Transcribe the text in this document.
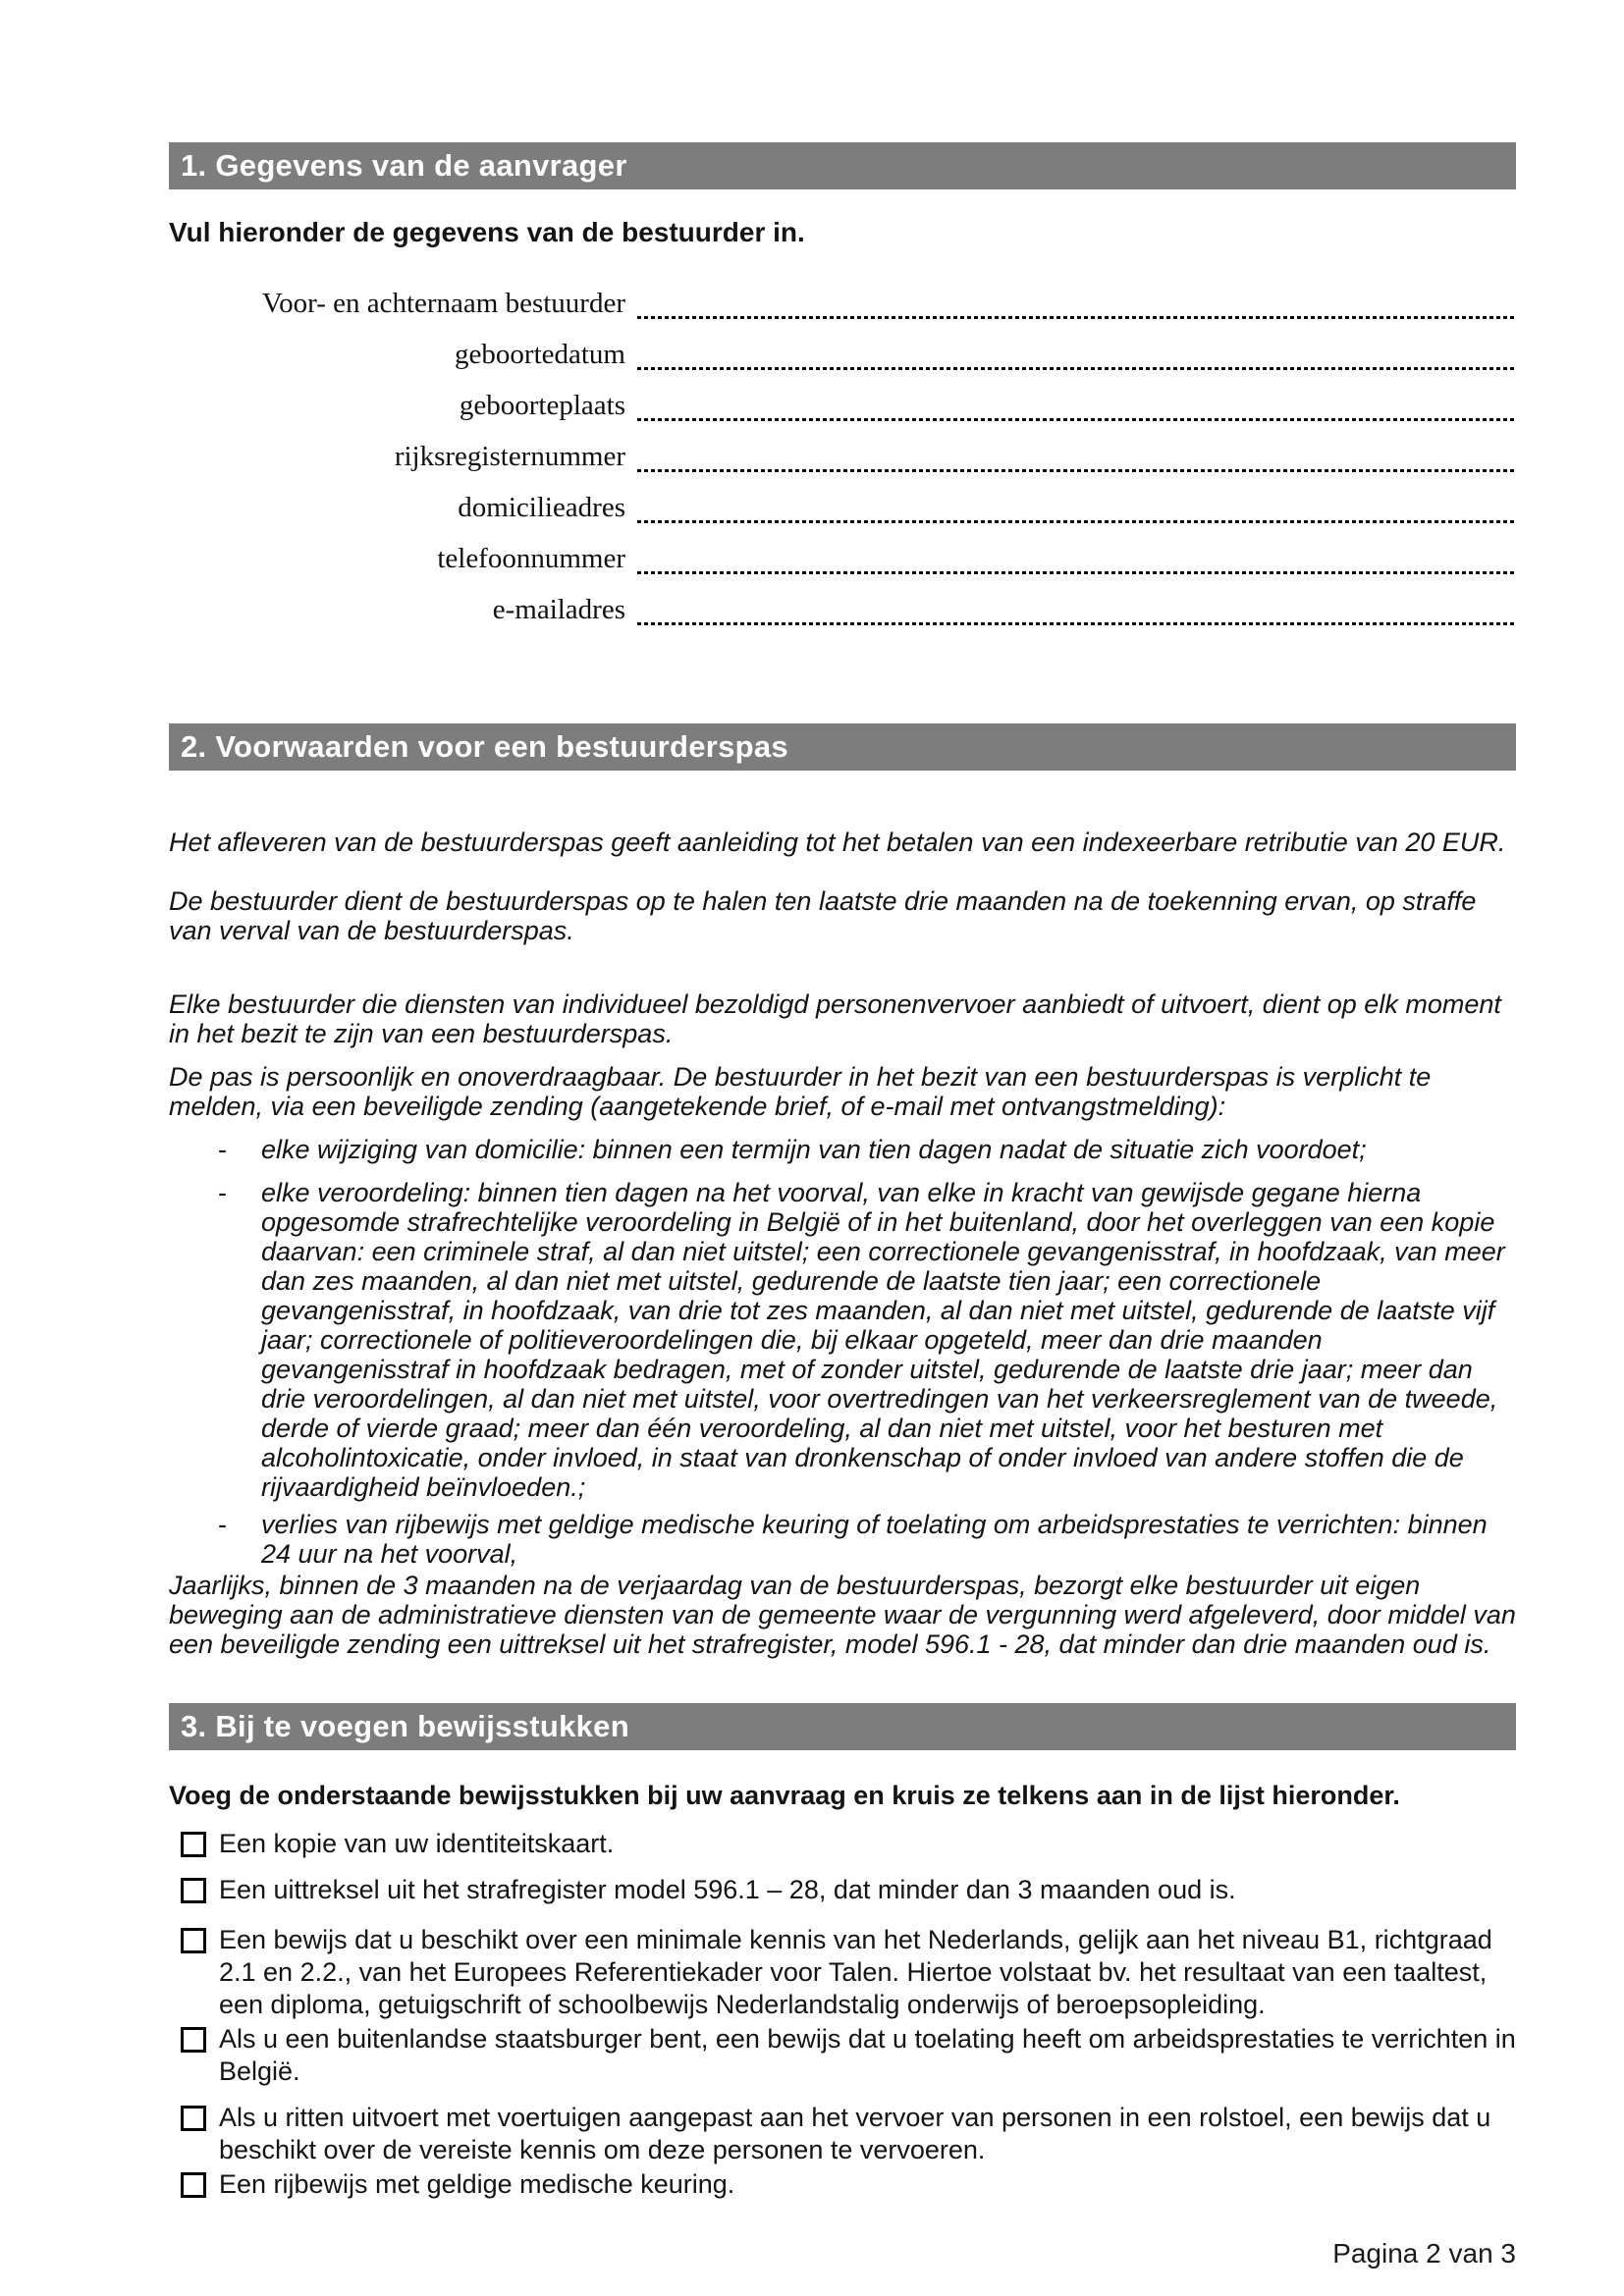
1. Gegevens van de aanvrager
Vul hieronder de gegevens van de bestuurder in.
Voor- en achternaam bestuurder
geboortedatum
geboorteplaats
rijksregisternummer
domicilieadres
telefoonnummer
e-mailadres
2. Voorwaarden voor een bestuurderspas
Het afleveren van de bestuurderspas geeft aanleiding tot het betalen van een indexeerbare retributie van 20 EUR.
De bestuurder dient de bestuurderspas op te halen ten laatste drie maanden na de toekenning ervan, op straffe van verval van de bestuurderspas.
Elke bestuurder die diensten van individueel bezoldigd personenvervoer aanbiedt of uitvoert, dient op elk moment in het bezit te zijn van een bestuurderspas.
De pas is persoonlijk en onoverdraagbaar. De bestuurder in het bezit van een bestuurderspas is verplicht te melden, via een beveiligde zending (aangetekende brief, of e-mail met ontvangstmelding):
- elke wijziging van domicilie: binnen een termijn van tien dagen nadat de situatie zich voordoet;
- elke veroordeling: binnen tien dagen na het voorval, van elke in kracht van gewijsde gegane hierna opgesomde strafrechtelijke veroordeling in België of in het buitenland, door het overleggen van een kopie daarvan: een criminele straf, al dan niet uitstel; een correctionele gevangenisstraf, in hoofdzaak, van meer dan zes maanden, al dan niet met uitstel, gedurende de laatste tien jaar; een correctionele gevangenisstraf, in hoofdzaak, van drie tot zes maanden, al dan niet met uitstel, gedurende de laatste vijf jaar; correctionele of politieveroordelingen die, bij elkaar opgeteld, meer dan drie maanden gevangenisstraf in hoofdzaak bedragen, met of zonder uitstel, gedurende de laatste drie jaar; meer dan drie veroordelingen, al dan niet met uitstel, voor overtredingen van het verkeersreglement van de tweede, derde of vierde graad; meer dan één veroordeling, al dan niet met uitstel, voor het besturen met alcoholintoxicatie, onder invloed, in staat van dronkenschap of onder invloed van andere stoffen die de rijvaardigheid beïnvloeden.;
- verlies van rijbewijs met geldige medische keuring of toelating om arbeidsprestaties te verrichten: binnen 24 uur na het voorval,
Jaarlijks, binnen de 3 maanden na de verjaardag van de bestuurderspas, bezorgt elke bestuurder uit eigen beweging aan de administratieve diensten van de gemeente waar de vergunning werd afgeleverd, door middel van een beveiligde zending een uittreksel uit het strafregister, model 596.1 - 28, dat minder dan drie maanden oud is.
3. Bij te voegen bewijsstukken
Voeg de onderstaande bewijsstukken bij uw aanvraag en kruis ze telkens aan in de lijst hieronder.
Een kopie van uw identiteitskaart.
Een uittreksel uit het strafregister model 596.1 – 28, dat minder dan 3 maanden oud is.
Een bewijs dat u beschikt over een minimale kennis van het Nederlands, gelijk aan het niveau B1, richtgraad 2.1 en 2.2., van het Europees Referentiekader voor Talen. Hiertoe volstaat bv. het resultaat van een taaltest, een diploma, getuigschrift of schoolbewijs Nederlandstalig onderwijs of beroepsopleiding.
Als u een buitenlandse staatsburger bent, een bewijs dat u toelating heeft om arbeidsprestaties te verrichten in België.
Als u ritten uitvoert met voertuigen aangepast aan het vervoer van personen in een rolstoel, een bewijs dat u beschikt over de vereiste kennis om deze personen te vervoeren.
Een rijbewijs met geldige medische keuring.
Pagina 2 van 3
